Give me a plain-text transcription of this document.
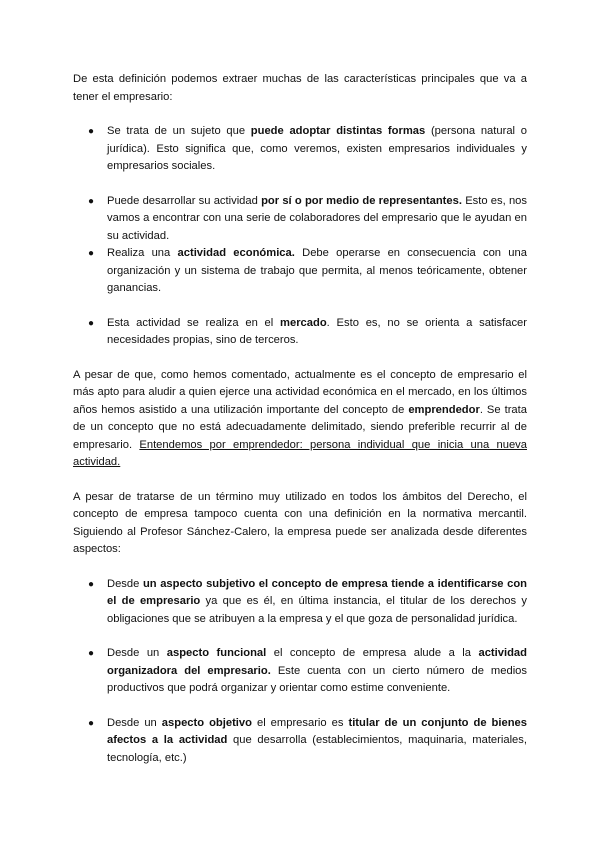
De esta definición podemos extraer muchas de las características principales que va a tener el empresario:

● Se trata de un sujeto que puede adoptar distintas formas (persona natural o jurídica). Esto significa que, como veremos, existen empresarios individuales y empresarios sociales.
● Puede desarrollar su actividad por sí o por medio de representantes. Esto es, nos vamos a encontrar con una serie de colaboradores del empresario que le ayudan en su actividad.
● Realiza una actividad económica. Debe operarse en consecuencia con una organización y un sistema de trabajo que permita, al menos teóricamente, obtener ganancias.
● Esta actividad se realiza en el mercado. Esto es, no se orienta a satisfacer necesidades propias, sino de terceros.

A pesar de que, como hemos comentado, actualmente es el concepto de empresario el más apto para aludir a quien ejerce una actividad económica en el mercado, en los últimos años hemos asistido a una utilización importante del concepto de emprendedor. Se trata de un concepto que no está adecuadamente delimitado, siendo preferible recurrir al de empresario. Entendemos por emprendedor: persona individual que inicia una nueva actividad.

A pesar de tratarse de un término muy utilizado en todos los ámbitos del Derecho, el concepto de empresa tampoco cuenta con una definición en la normativa mercantil. Siguiendo al Profesor Sánchez-Calero, la empresa puede ser analizada desde diferentes aspectos:

● Desde un aspecto subjetivo el concepto de empresa tiende a identificarse con el de empresario ya que es él, en última instancia, el titular de los derechos y obligaciones que se atribuyen a la empresa y el que goza de personalidad jurídica.
● Desde un aspecto funcional el concepto de empresa alude a la actividad organizadora del empresario. Este cuenta con un cierto número de medios productivos que podrá organizar y orientar como estime conveniente.
● Desde un aspecto objetivo el empresario es titular de un conjunto de bienes afectos a la actividad que desarrolla (establecimientos, maquinaria, materiales, tecnología, etc.)
